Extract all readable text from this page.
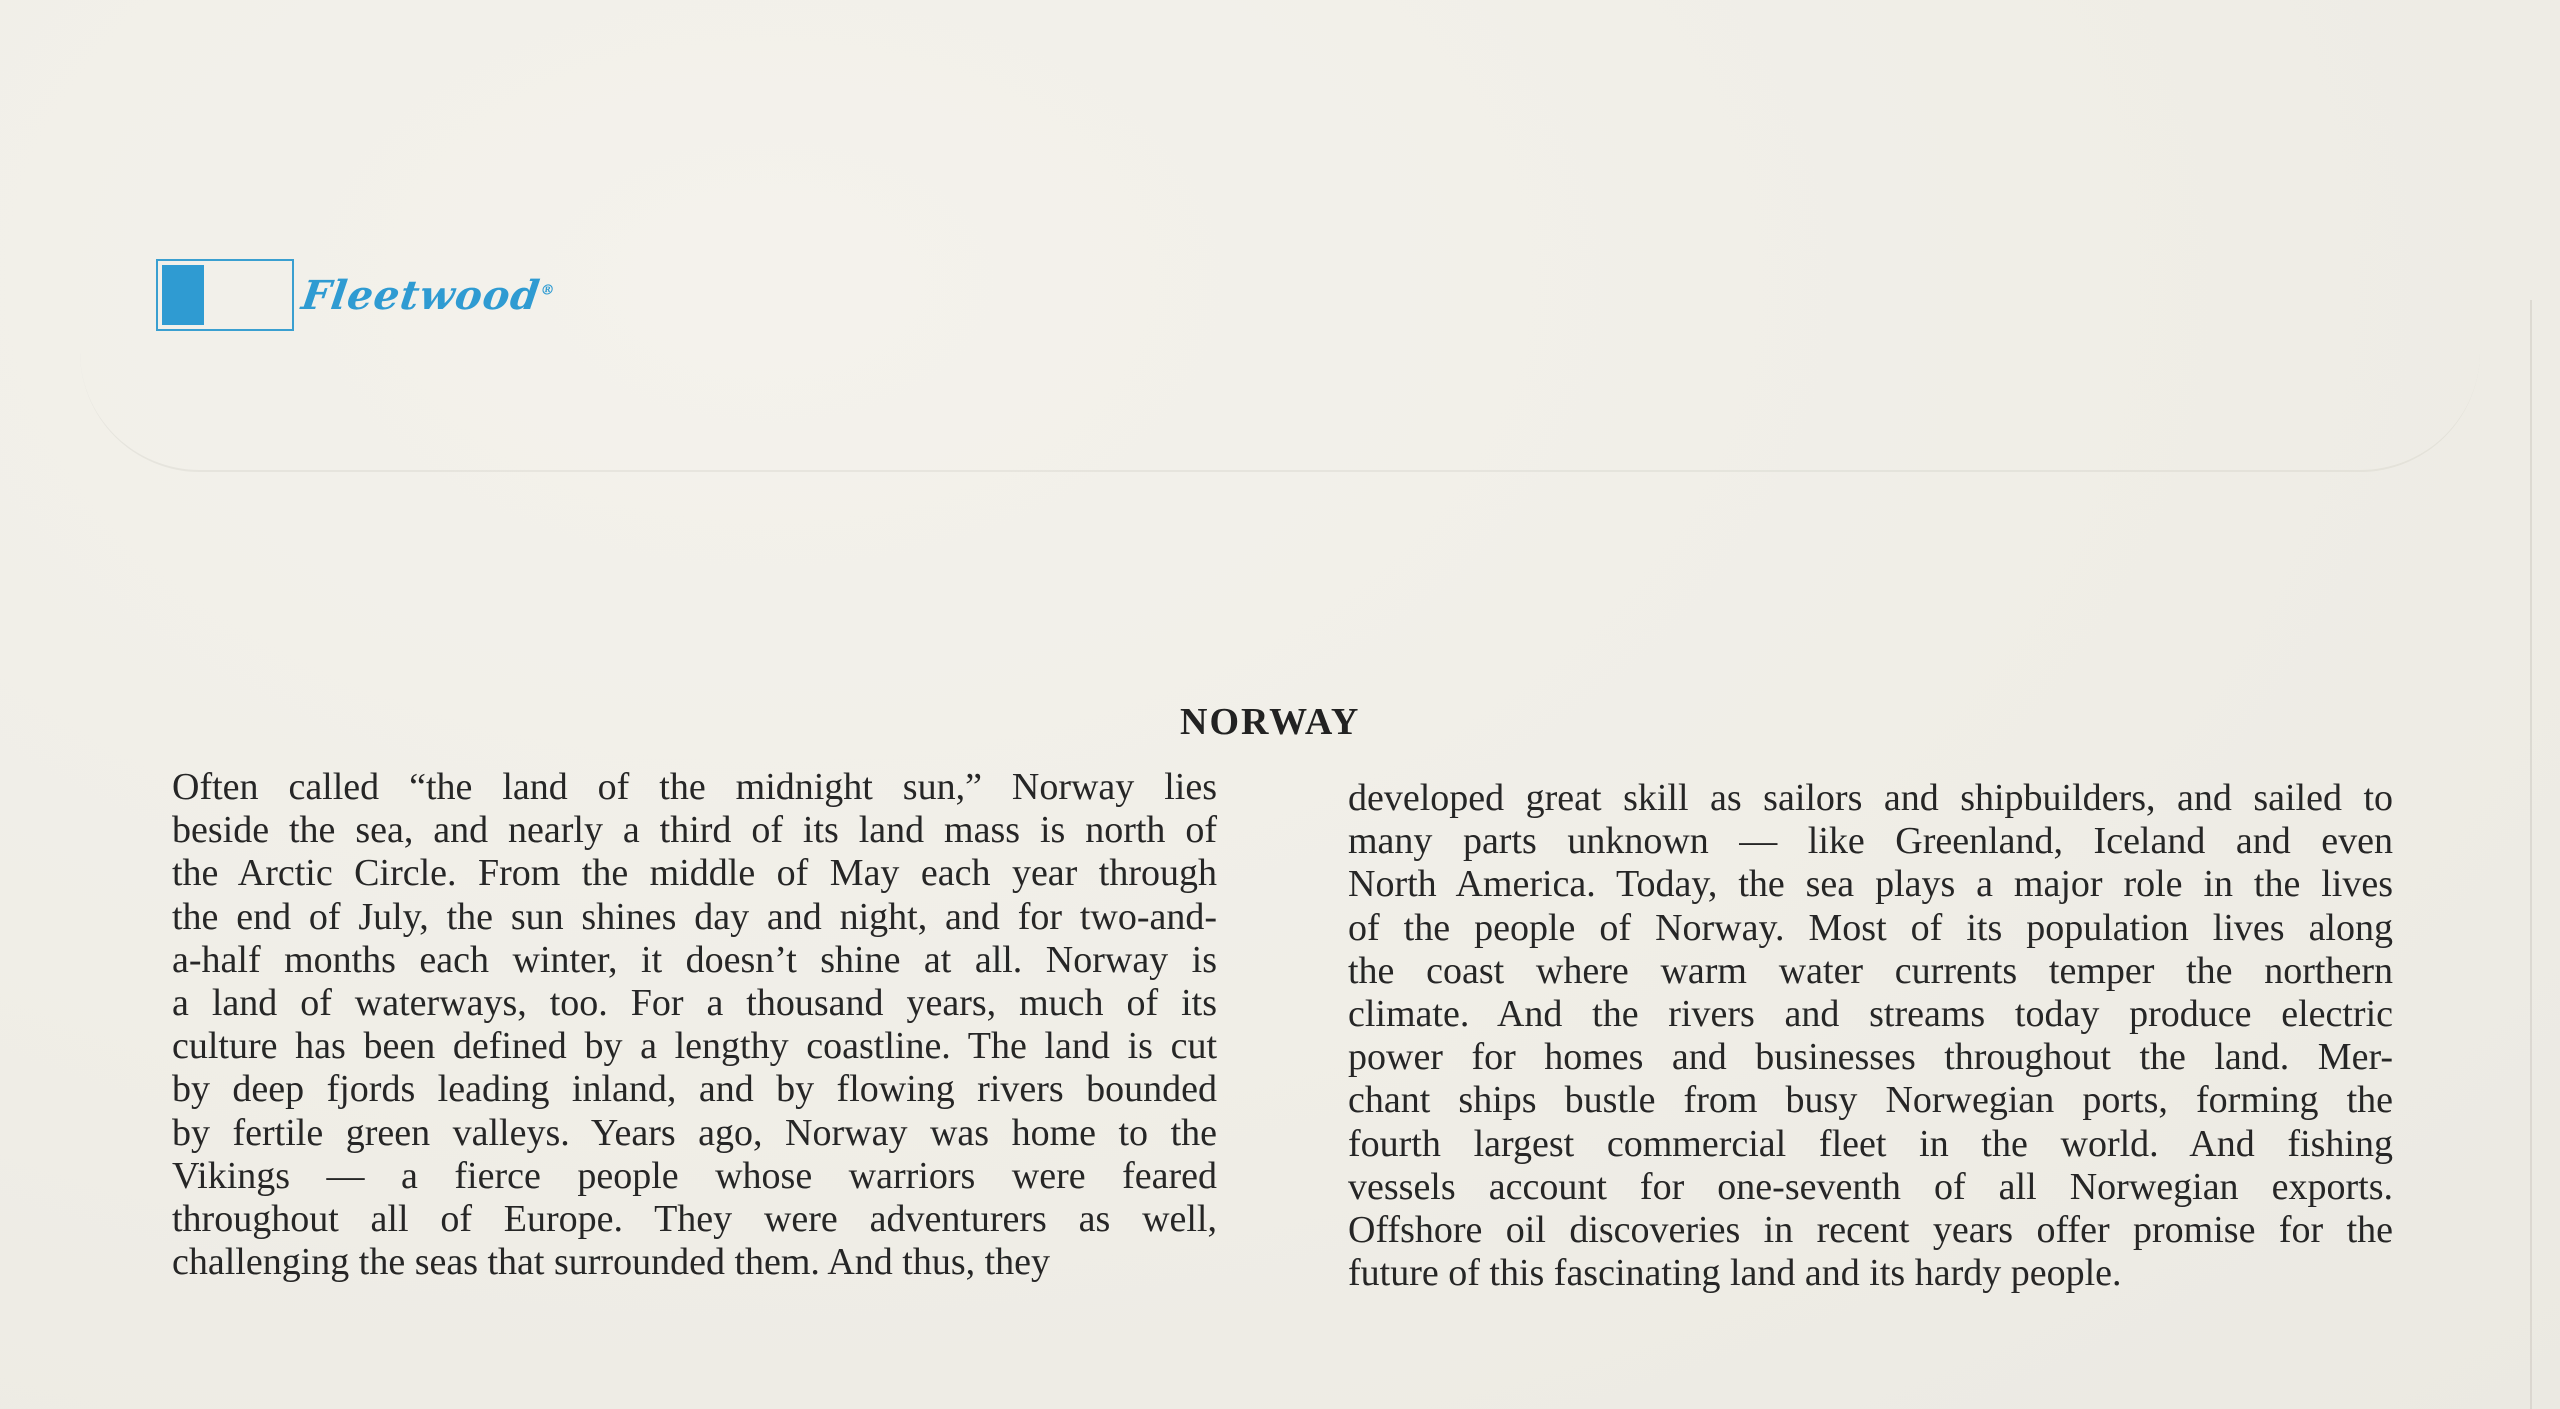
Fleetwood®
NORWAY
Often called “the land of the midnight sun,” Norway lies
beside the sea, and nearly a third of its land mass is north of
the Arctic Circle. From the middle of May each year through
the end of July, the sun shines day and night, and for two-and-
a-half months each winter, it doesn’t shine at all. Norway is
a land of waterways, too. For a thousand years, much of its
culture has been defined by a lengthy coastline. The land is cut
by deep fjords leading inland, and by flowing rivers bounded
by fertile green valleys. Years ago, Norway was home to the
Vikings — a fierce people whose warriors were feared
throughout all of Europe. They were adventurers as well,
challenging the seas that surrounded them. And thus, they
developed great skill as sailors and shipbuilders, and sailed to
many parts unknown — like Greenland, Iceland and even
North America. Today, the sea plays a major role in the lives
of the people of Norway. Most of its population lives along
the coast where warm water currents temper the northern
climate. And the rivers and streams today produce electric
power for homes and businesses throughout the land. Mer-
chant ships bustle from busy Norwegian ports, forming the
fourth largest commercial fleet in the world. And fishing
vessels account for one-seventh of all Norwegian exports.
Offshore oil discoveries in recent years offer promise for the
future of this fascinating land and its hardy people.
